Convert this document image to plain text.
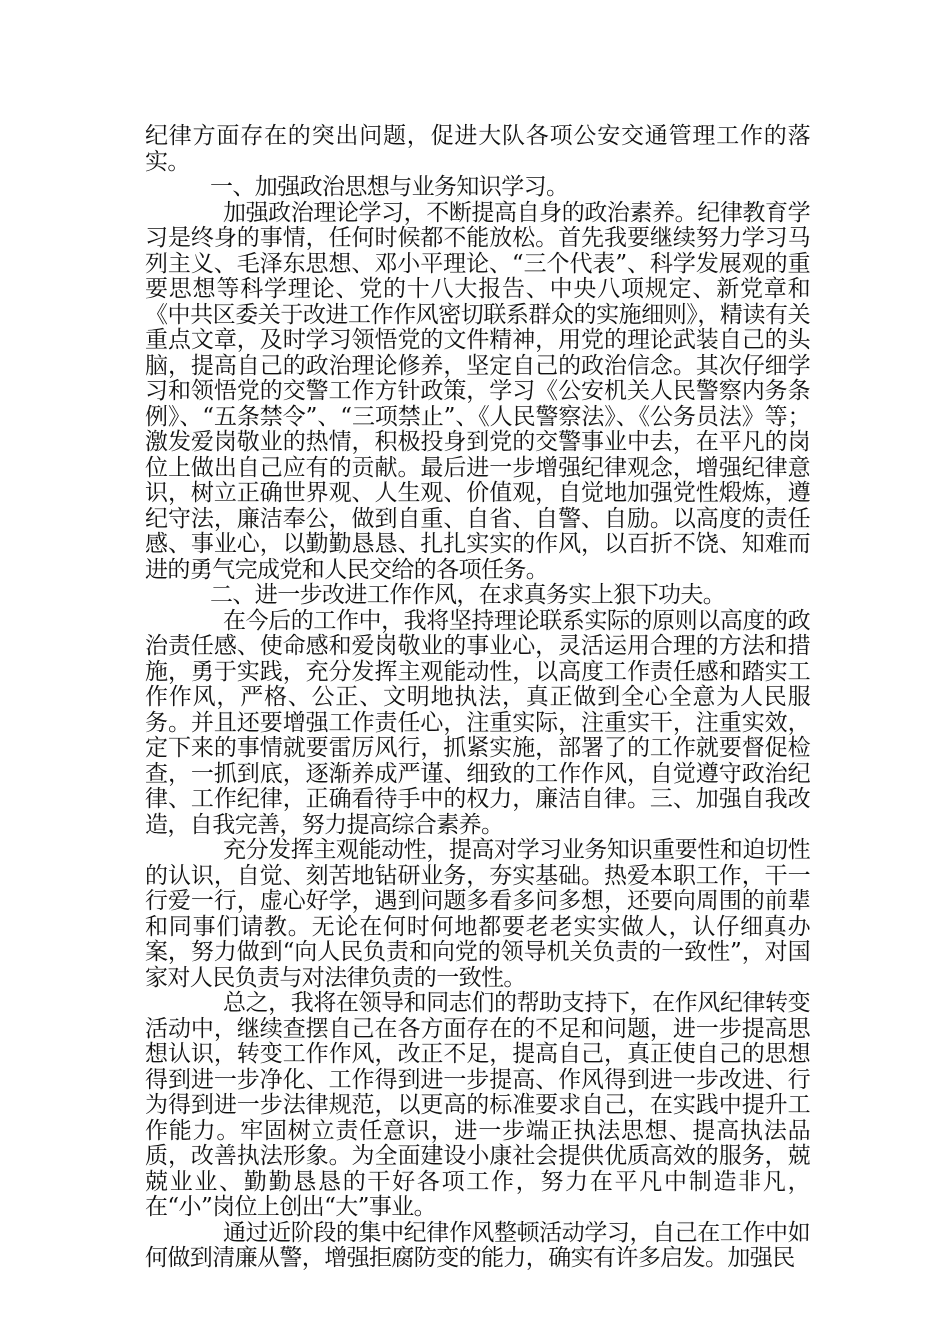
纪律方面存在的突出问题，促进大队各项公安交通管理工作的落实。

一、加强政治思想与业务知识学习。

加强政治理论学习，不断提高自身的政治素养。纪律教育学习是终身的事情，任何时候都不能放松。首先我要继续努力学习马列主义、毛泽东思想、邓小平理论、“三个代表”、科学发展观的重要思想等科学理论、党的十八大报告、中央八项规定、新党章和《中共区委关于改进工作作风密切联系群众的实施细则》，精读有关重点文章，及时学习领悟党的文件精神，用党的理论武装自己的头脑，提高自己的政治理论修养，坚定自己的政治信念。其次仔细学习和领悟党的交警工作方针政策，学习《公安机关人民警察内务条例》、“五条禁令”、“三项禁止”、《人民警察法》、《公务员法》等；激发爱岗敬业的热情，积极投身到党的交警事业中去，在平凡的岗位上做出自己应有的贡献。最后进一步增强纪律观念，增强纪律意识，树立正确世界观、人生观、价值观，自觉地加强党性煅炼，遵纪守法，廉洁奉公，做到自重、自省、自警、自励。以高度的责任感、事业心，以勤勤恳恳、扎扎实实的作风，以百折不饶、知难而进的勇气完成党和人民交给的各项任务。

二、进一步改进工作作风，在求真务实上狠下功夫。

在今后的工作中，我将坚持理论联系实际的原则以高度的政治责任感、使命感和爱岗敬业的事业心，灵活运用合理的方法和措施，勇于实践，充分发挥主观能动性，以高度工作责任感和踏实工作作风，严格、公正、文明地执法，真正做到全心全意为人民服务。并且还要增强工作责任心，注重实际，注重实干，注重实效，定下来的事情就要雷厉风行，抓紧实施，部署了的工作就要督促检查，一抓到底，逐渐养成严谨、细致的工作作风，自觉遵守政治纪律、工作纪律，正确看待手中的权力，廉洁自律。三、加强自我改造，自我完善，努力提高综合素养。

充分发挥主观能动性，提高对学习业务知识重要性和迫切性的认识，自觉、刻苦地钻研业务，夯实基础。热爱本职工作，干一行爱一行，虚心好学，遇到问题多看多问多想，还要向周围的前辈和同事们请教。无论在何时何地都要老老实实做人，认仔细真办案，努力做到“向人民负责和向党的领导机关负责的一致性”，对国家对人民负责与对法律负责的一致性。

总之，我将在领导和同志们的帮助支持下，在作风纪律转变活动中，继续查摆自己在各方面存在的不足和问题，进一步提高思想认识，转变工作作风，改正不足，提高自己，真正使自己的思想得到进一步净化、工作得到进一步提高、作风得到进一步改进、行为得到进一步法律规范，以更高的标准要求自己，在实践中提升工作能力。牢固树立责任意识，进一步端正执法思想、提高执法品质，改善执法形象。为全面建设小康社会提供优质高效的服务，兢兢业业、勤勤恳恳的干好各项工作，努力在平凡中制造非凡，在“小”岗位上创出“大”事业。

通过近阶段的集中纪律作风整顿活动学习，自己在工作中如何做到清廉从警，增强拒腐防变的能力，确实有许多启发。加强民
